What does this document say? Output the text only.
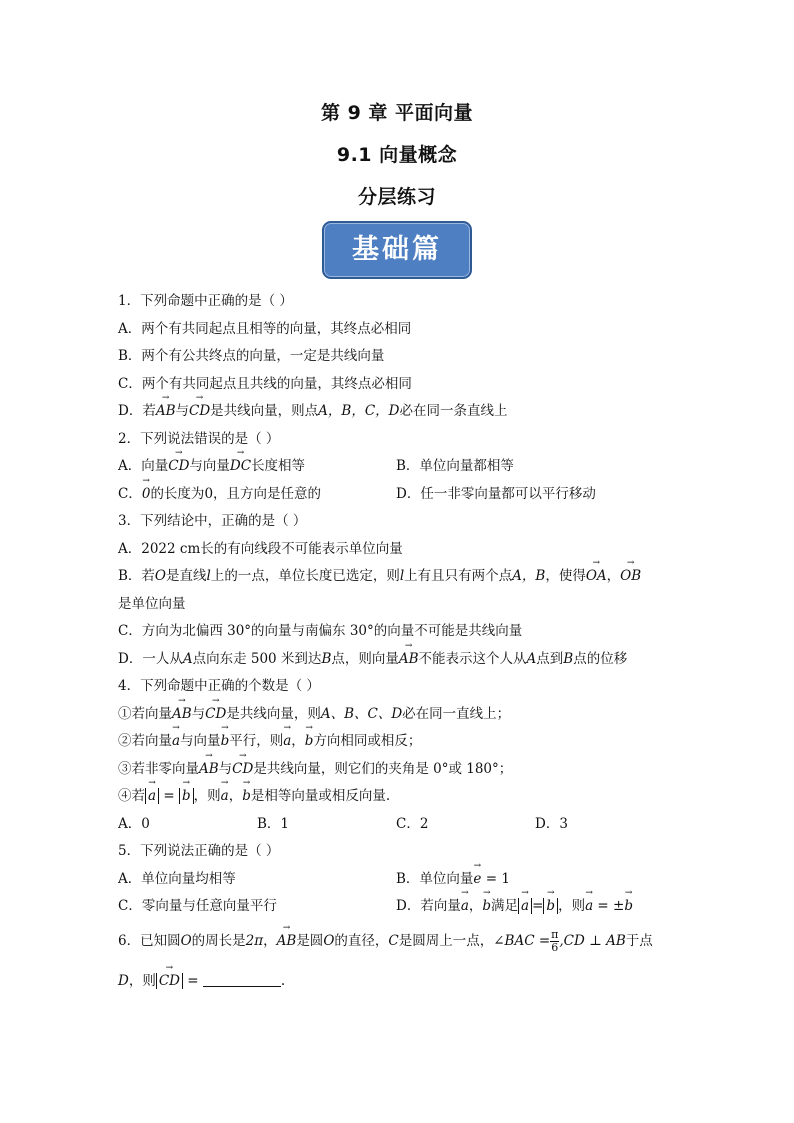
第 9 章 平面向量
9.1 向量概念
分层练习
基础篇
1．下列命题中正确的是（ ）
A．两个有共同起点且相等的向量，其终点必相同
B．两个有公共终点的向量，一定是共线向量
C．两个有共同起点且共线的向量，其终点必相同
D．若→ AB与→ CD是共线向量，则点A，B，C，D必在同一条直线上
2．下列说法错误的是（ ）
A．向量→ CD与向量→ DC长度相等	B．单位向量都相等
C．→ 0的长度为0，且方向是任意的	D．任一非零向量都可以平行移动
3．下列结论中，正确的是（ ）
A．2022 cm长的有向线段不可能表示单位向量
B．若O是直线l上的一点，单位长度已选定，则l上有且只有两个点A，B，使得→ OA，→ OB
是单位向量
C．方向为北偏西 30°的向量与南偏东 30°的向量不可能是共线向量
D．一人从A点向东走 500 米到达B点，则向量→ AB不能表示这个人从A点到B点的位移
4．下列命题中正确的个数是（ ）
①若向量→ AB与→ CD是共线向量，则A、B、C、D必在同一直线上；
②若向量→ a与向量→ b平行，则→ a，→ b方向相同或相反；
③若非零向量→ AB与→ CD是共线向量，则它们的夹角是 0°或 180°；
④若 → a = → b ，则→ a，→ b是相等向量或相反向量.
A．0	B．1	C．2	D．3
5．下列说法正确的是（ ）
A．单位向量均相等	B．单位向量→ e = 1
C．零向量与任意向量平行	D．若向量→ a，→ b满足 → a = → b ，则→ a = ±→ b
6．已知圆O的周长是2π，→ AB是圆O的直径，C是圆周上一点，∠BAC = $\frac{\pi}{6} ,CD$ ⊥ AB于点
D，则 → CD =	.
